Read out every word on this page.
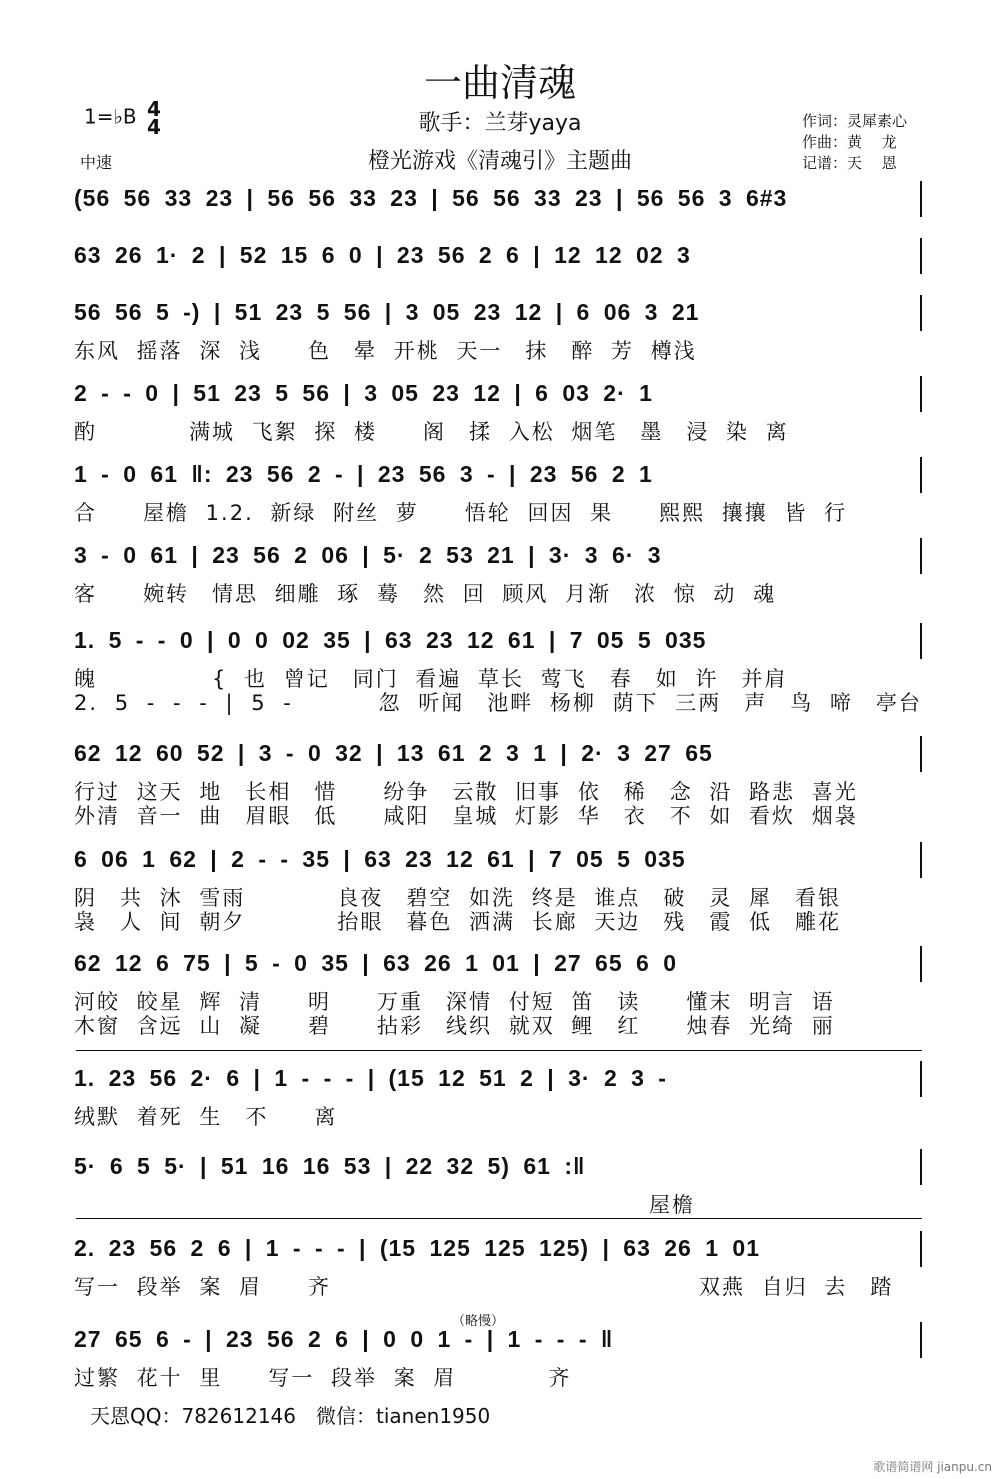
一曲清魂
歌手：兰芽yaya
橙光游戏《清魂引》主题曲
1=♭B 4
4
中速
作词：灵犀素心
作曲：黄　 龙
记谱：天　 恩
(56 56 33 23 | 56 56 33 23 | 56 56 33 23 | 56 56 3 6#3
63 26 1· 2 | 52 15 6 0 | 23 56 2 6 | 12 12 02 3
56 56 5 -) | 51 23 5 56 | 3 05 23 12 | 6 06 3 21
东风 摇落 深 浅　　色　晕 开桃 天一　抹　醉 芳 樽浅
2 - - 0 | 51 23 5 56 | 3 05 23 12 | 6 03 2· 1
酌　　　　满城 飞絮 探 楼　　阁　揉 入松 烟笔　墨　浸 染 离
1 - 0 61 ‖: 23 56 2 - | 23 56 3 - | 23 56 2 1
合　　屋檐 1.2. 新绿 附丝 萝　　悟轮 回因 果　　熙熙 攘攘 皆 行
3 - 0 61 | 23 56 2 06 | 5· 2 53 21 | 3· 3 6· 3
客　　婉转　情思 细雕 琢 蓦　然 回 顾风 月渐　浓 惊 动 魂
1. 5 - - 0 | 0 0 02 35 | 63 23 12 61 | 7 05 5 035
魄　　　　　{ 也 曾记　同门 看遍 草长 莺飞　春　如 许　并肩
2. 5 - - - | 5 -　　　 忽 听闻　池畔 杨柳 荫下 三两　声　鸟 啼　亭台
62 12 60 52 | 3 - 0 32 | 13 61 2 3 1 | 2· 3 27 65
行过 这天 地　长相　惜　　纷争　云散 旧事 依　稀　念 沿 路悲 喜光
外清 音一 曲　眉眼　低　　咸阳　皇城 灯影 华　衣　不 如 看炊 烟袅
6 06 1 62 | 2 - - 35 | 63 23 12 61 | 7 05 5 035
阴　共 沐 雪雨　　　　良夜　碧空 如洗 终是 谁点　破　灵 犀　看银
袅　人 间 朝夕　　　　抬眼　暮色 洒满 长廊 天边　残　霞 低　雕花
62 12 6 75 | 5 - 0 35 | 63 26 1 01 | 27 65 6 0
河皎 皎星 辉 清　　明　　万重　深情 付短 笛　读　　懂末 明言 语
木窗 含远 山 凝　　碧　　拈彩　线织 就双 鲤　红　　烛春 光绮 丽
1. 23 56 2· 6 | 1 - - - | (15 12 51 2 | 3· 2 3 -
绒默 着死 生　不　　离
5· 6 5 5· | 51 16 16 53 | 22 32 5) 61 :‖
　　　　　　　　　　　　　　　　　　　　　　　　　屋檐
2. 23 56 2 6 | 1 - - - | (15 125 125 125) | 63 26 1 01
写一 段举 案 眉　　齐　　　　　　　　　　　　　　　　双燕 自归 去　踏
27 65 6 - | 23 56 2 6 | 0 0 1 - | 1 - - - ‖
过繁 花十 里　　写一 段举 案 眉　　　　齐
（略慢）
天恩QQ：782612146　微信：tianen1950
歌谱简谱网 jianpu.cn
